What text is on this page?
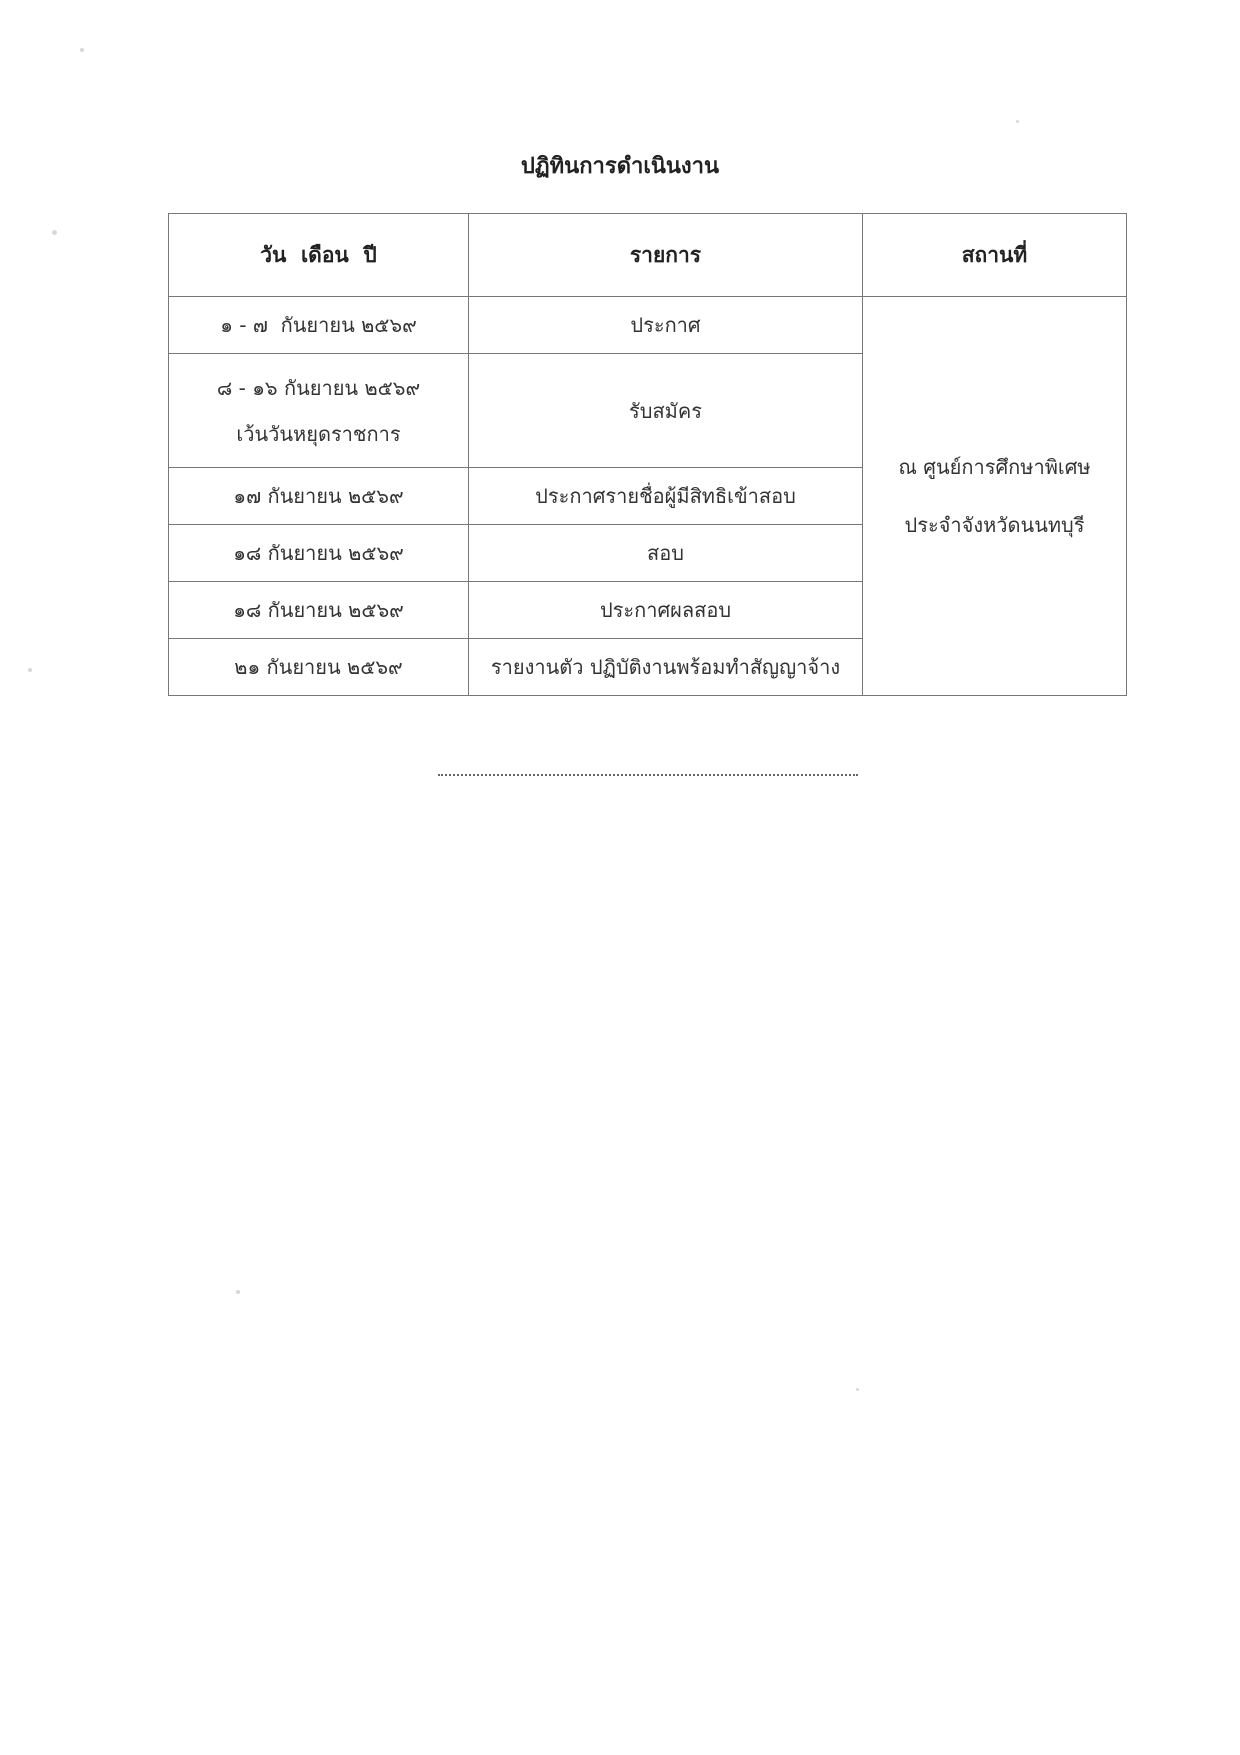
ปฏิทินการดำเนินงาน
วัน  เดือน  ปี	รายการ	สถานที่

๑ - ๗  กันยายน ๒๕๖๙	ประกาศ	ณ ศูนย์การศึกษาพิเศษ
ประจำจังหวัดนนทบุรี

๘ - ๑๖ กันยายน ๒๕๖๙
เว้นวันหยุดราชการ	รับสมัคร	

๑๗ กันยายน ๒๕๖๙	ประกาศรายชื่อผู้มีสิทธิเข้าสอบ	

๑๘ กันยายน ๒๕๖๙	สอบ	

๑๘ กันยายน ๒๕๖๙	ประกาศผลสอบ	

๒๑ กันยายน ๒๕๖๙	รายงานตัว ปฏิบัติงานพร้อมทำสัญญาจ้าง	
